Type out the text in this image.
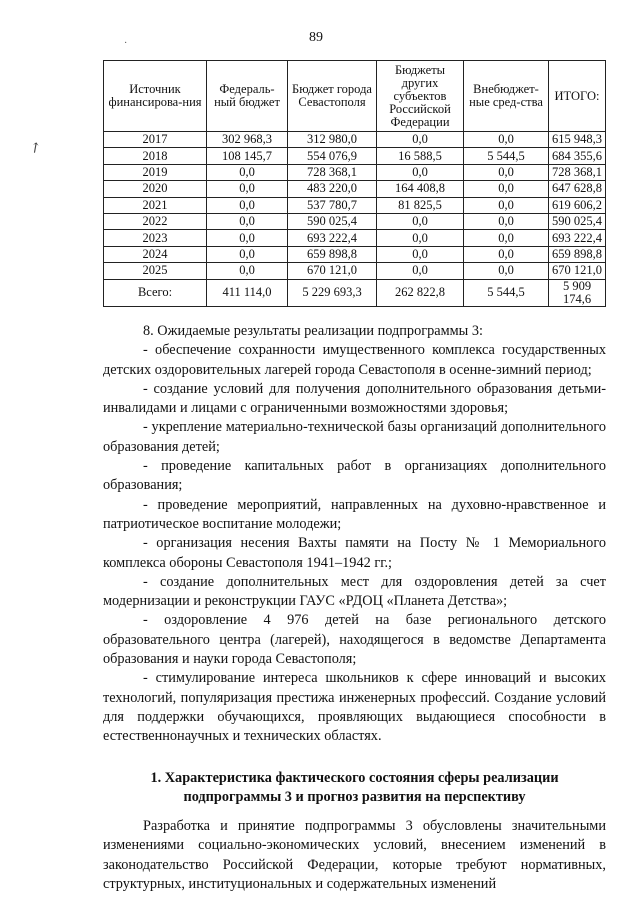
89
·
↗
Источник финансирова-ния	Федераль-ный бюджет	Бюджет города Севастополя	Бюджеты других субъектов Российской Федерации	Внебюджет-ные сред-ства	ИТОГО:
2017	302 968,3	312 980,0	0,0	0,0	615 948,3
2018	108 145,7	554 076,9	16 588,5	5 544,5	684 355,6
2019	0,0	728 368,1	0,0	0,0	728 368,1
2020	0,0	483 220,0	164 408,8	0,0	647 628,8
2021	0,0	537 780,7	81 825,5	0,0	619 606,2
2022	0,0	590 025,4	0,0	0,0	590 025,4
2023	0,0	693 222,4	0,0	0,0	693 222,4
2024	0,0	659 898,8	0,0	0,0	659 898,8
2025	0,0	670 121,0	0,0	0,0	670 121,0
Всего:	411 114,0	5 229 693,3	262 822,8	5 544,5	5 909 174,6

8. Ожидаемые результаты реализации подпрограммы 3:

- обеспечение сохранности имущественного комплекса государственных детских оздоровительных лагерей города Севастополя в осенне-зимний период;

- создание условий для получения дополнительного образования детьми-инвалидами и лицами с ограниченными возможностями здоровья;

- укрепление материально-технической базы организаций дополнительного образования детей;

- проведение капитальных работ в организациях дополнительного образования;

- проведение мероприятий, направленных на духовно-нравственное и патриотическое воспитание молодежи;

- организация несения Вахты памяти на Посту № 1 Мемориального комплекса обороны Севастополя 1941–1942 гг.;

- создание дополнительных мест для оздоровления детей за счет модернизации и реконструкции ГАУС «РДОЦ «Планета Детства»;

- оздоровление 4 976 детей на базе регионального детского образовательного центра (лагерей), находящегося в ведомстве Департамента образования и науки города Севастополя;

- стимулирование интереса школьников к сфере инноваций и высоких технологий, популяризация престижа инженерных профессий. Создание условий для поддержки обучающихся, проявляющих выдающиеся способности в естественнонаучных и технических областях.

1. Характеристика фактического состояния сферы реализации
подпрограммы 3 и прогноз развития на перспективу

Разработка и принятие подпрограммы 3 обусловлены значительными изменениями социально-экономических условий, внесением изменений в законодательство Российской Федерации, которые требуют нормативных, структурных, институциональных и содержательных изменений
